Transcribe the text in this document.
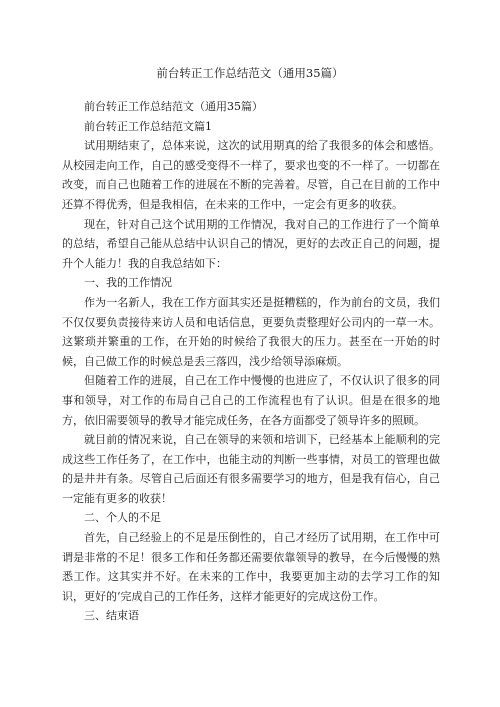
前台转正工作总结范文（通用35篇）

前台转正工作总结范文（通用35篇）

前台转正工作总结范文篇1

试用期结束了，总体来说，这次的试用期真的给了我很多的体会和感悟。从校园走向工作，自己的感受变得不一样了，要求也变的不一样了。一切都在改变，而自己也随着工作的进展在不断的完善着。尽管，自己在目前的工作中还算不得优秀，但是我相信，在未来的工作中，一定会有更多的收获。

现在，针对自己这个试用期的工作情况，我对自己的工作进行了一个简单的总结，希望自己能从总结中认识自己的情况，更好的去改正自己的问题，提升个人能力！我的自我总结如下：

一、我的工作情况

作为一名新人，我在工作方面其实还是挺糟糕的，作为前台的文员，我们不仅仅要负责接待来访人员和电话信息，更要负责整理好公司内的一草一木。这繁琐并繁重的工作，在开始的时候给了我很大的压力。甚至在一开始的时候，自己做工作的时候总是丢三落四，浅少给领导添麻烦。

但随着工作的进展，自己在工作中慢慢的也进应了，不仅认识了很多的同事和领导，对工作的布局自己自己的工作流程也有了认识。但是在很多的地方，依旧需要领导的教导才能完成任务，在各方面都受了领导许多的照顾。

就目前的情况来说，自己在领导的来领和培训下，已经基本上能顺利的完成这些工作任务了，在工作中，也能主动的判断一些事情，对员工的管理也做的是井井有条。尽管自己后面还有很多需要学习的地方，但是我有信心，自己一定能有更多的收获！

二、个人的不足

首先，自己经验上的不足是压倒性的，自己才经历了试用期，在工作中可谓是非常的不足！很多工作和任务都还需要依靠领导的教导，在今后慢慢的熟悉工作。这其实并不好。在未来的工作中，我要更加主动的去学习工作的知识，更好的‘完成自己的工作任务，这样才能更好的完成这份工作。

三、结束语
